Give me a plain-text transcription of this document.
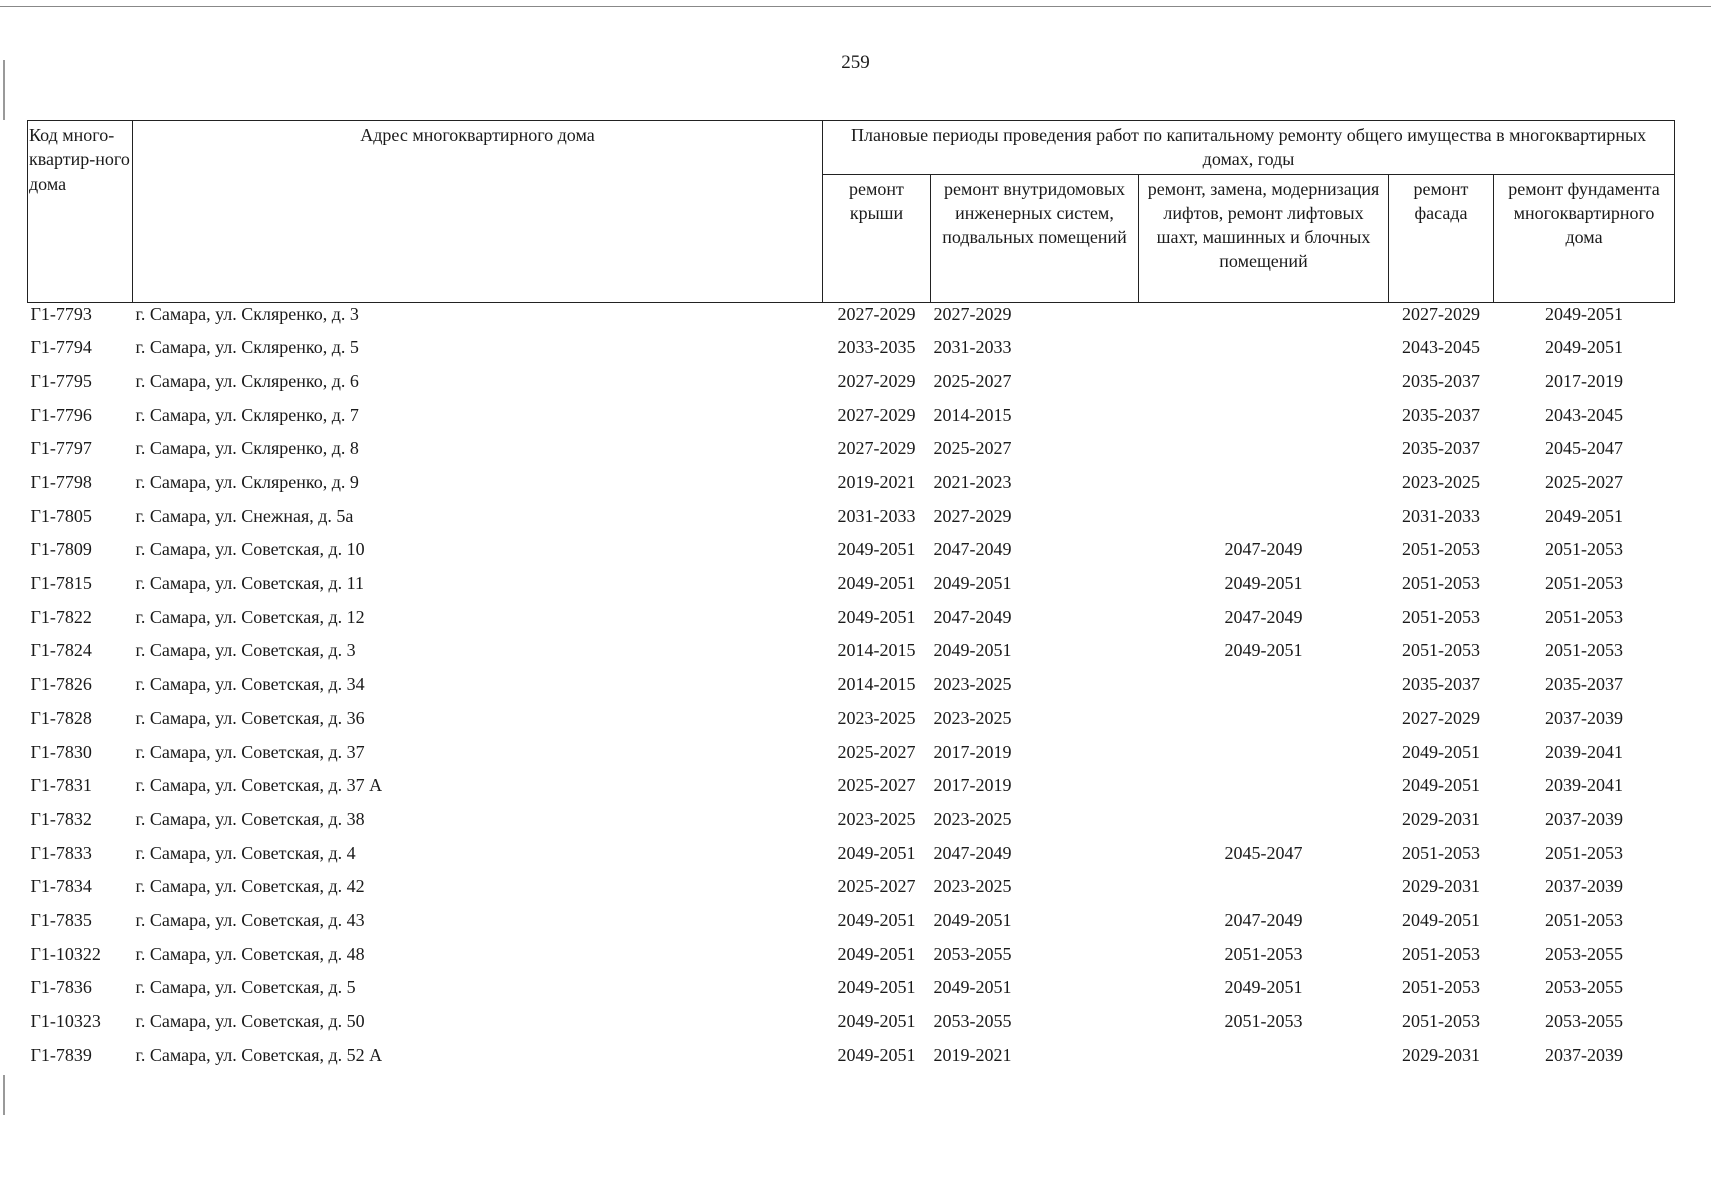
259
Код много-квартир-ного дома	Адрес многоквартирного дома	Плановые периоды проведения работ по капитальному ремонту общего имущества в многоквартирных домах, годы				
		ремонт крыши	ремонт внутридомовых инженерных систем, подвальных помещений	ремонт, замена, модернизация лифтов, ремонт лифтовых шахт, машинных и блочных помещений	ремонт фасада	ремонт фундамента многоквартирного дома
Г1-7793	г. Самара, ул. Скляренко, д. 3	2027-2029	2027-2029		2027-2029	2049-2051
Г1-7794	г. Самара, ул. Скляренко, д. 5	2033-2035	2031-2033		2043-2045	2049-2051
Г1-7795	г. Самара, ул. Скляренко, д. 6	2027-2029	2025-2027		2035-2037	2017-2019
Г1-7796	г. Самара, ул. Скляренко, д. 7	2027-2029	2014-2015		2035-2037	2043-2045
Г1-7797	г. Самара, ул. Скляренко, д. 8	2027-2029	2025-2027		2035-2037	2045-2047
Г1-7798	г. Самара, ул. Скляренко, д. 9	2019-2021	2021-2023		2023-2025	2025-2027
Г1-7805	г. Самара, ул. Снежная, д. 5а	2031-2033	2027-2029		2031-2033	2049-2051
Г1-7809	г. Самара, ул. Советская, д. 10	2049-2051	2047-2049	2047-2049	2051-2053	2051-2053
Г1-7815	г. Самара, ул. Советская, д. 11	2049-2051	2049-2051	2049-2051	2051-2053	2051-2053
Г1-7822	г. Самара, ул. Советская, д. 12	2049-2051	2047-2049	2047-2049	2051-2053	2051-2053
Г1-7824	г. Самара, ул. Советская, д. 3	2014-2015	2049-2051	2049-2051	2051-2053	2051-2053
Г1-7826	г. Самара, ул. Советская, д. 34	2014-2015	2023-2025		2035-2037	2035-2037
Г1-7828	г. Самара, ул. Советская, д. 36	2023-2025	2023-2025		2027-2029	2037-2039
Г1-7830	г. Самара, ул. Советская, д. 37	2025-2027	2017-2019		2049-2051	2039-2041
Г1-7831	г. Самара, ул. Советская, д. 37 А	2025-2027	2017-2019		2049-2051	2039-2041
Г1-7832	г. Самара, ул. Советская, д. 38	2023-2025	2023-2025		2029-2031	2037-2039
Г1-7833	г. Самара, ул. Советская, д. 4	2049-2051	2047-2049	2045-2047	2051-2053	2051-2053
Г1-7834	г. Самара, ул. Советская, д. 42	2025-2027	2023-2025		2029-2031	2037-2039
Г1-7835	г. Самара, ул. Советская, д. 43	2049-2051	2049-2051	2047-2049	2049-2051	2051-2053
Г1-10322	г. Самара, ул. Советская, д. 48	2049-2051	2053-2055	2051-2053	2051-2053	2053-2055
Г1-7836	г. Самара, ул. Советская, д. 5	2049-2051	2049-2051	2049-2051	2051-2053	2053-2055
Г1-10323	г. Самара, ул. Советская, д. 50	2049-2051	2053-2055	2051-2053	2051-2053	2053-2055
Г1-7839	г. Самара, ул. Советская, д. 52 А	2049-2051	2019-2021		2029-2031	2037-2039
